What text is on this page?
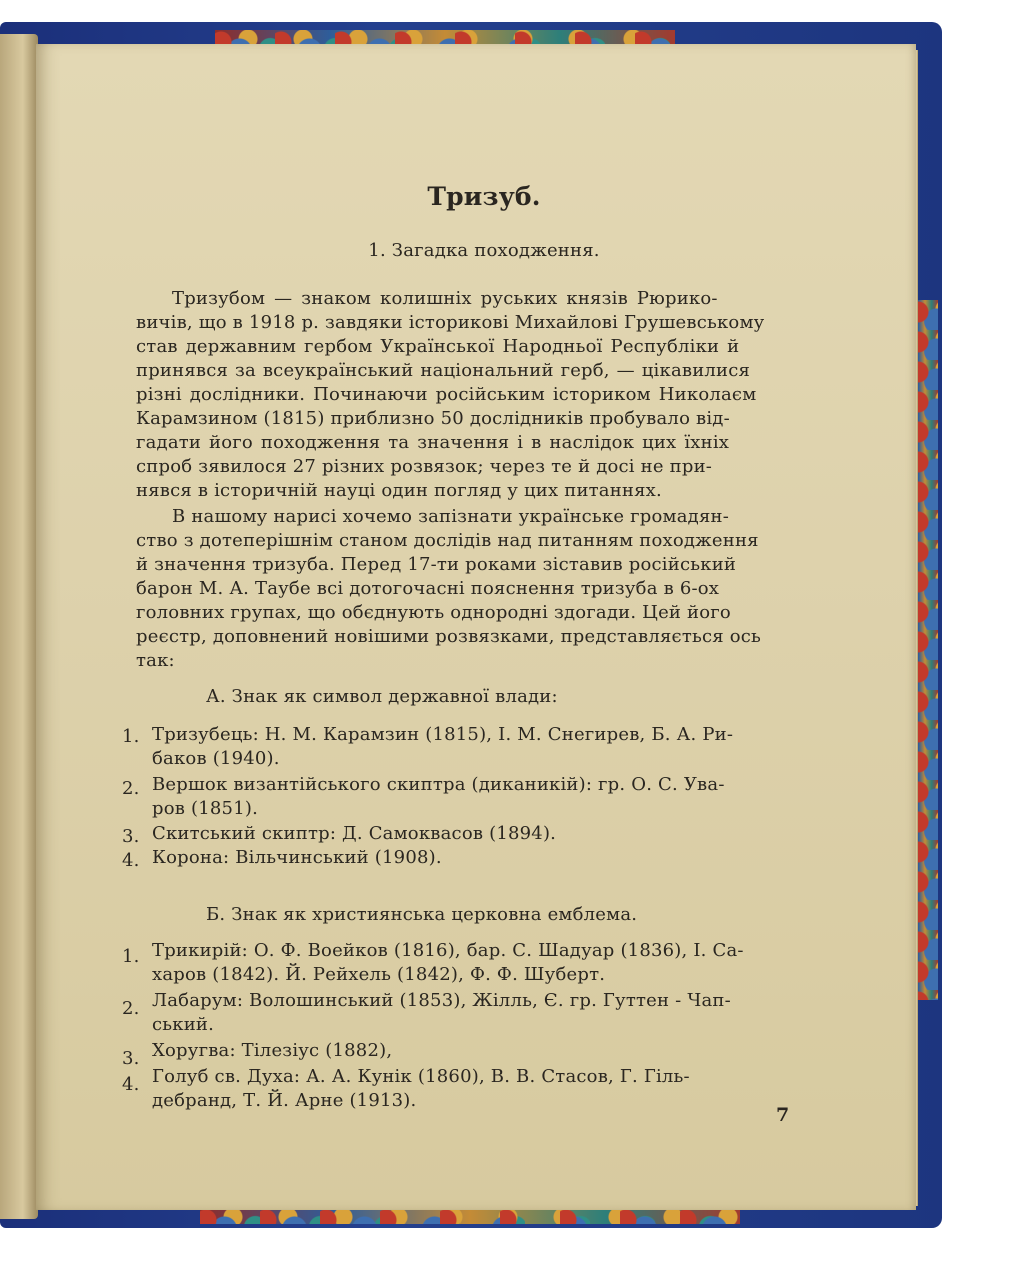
Тризуб.
1. Загадка походження.
Тризубом — знаком колишніх руських князів Рюрико-
вичів, що в 1918 р. завдяки історикові Михайлові Грушевському
став державним гербом Української Народньої Республіки й
принявся за всеукраїнський національний герб, — цікавилися
різні дослідники. Починаючи російським істориком Николаєм
Карамзином (1815) приблизно 50 дослідників пробувало від-
гадати його походження та значення і в наслідок цих їхніх
спроб зявилося 27 різних розвязок; через те й досі не при-
нявся в історичній науці один погляд у цих питаннях.
В нашому нарисі хочемо запізнати українське громадян-
ство з дотеперішнім станом дослідів над питанням походження
й значення тризуба. Перед 17-ти роками зіставив російський
барон М. А. Таубе всі дотогочасні пояснення тризуба в 6-ох
головних групах, що обєднують однородні здогади. Цей його
реєстр, доповнений новішими розвязками, представляється ось
так:
А. Знак як символ державної влади:
1. Тризубець: Н. М. Карамзин (1815), І. М. Снегирев, Б. А. Ри-
баков (1940).
2. Вершок византійського скиптра (диканикій): гр. О. С. Ува-
ров (1851).
3. Скитський скиптр: Д. Самоквасов (1894).
4. Корона: Вільчинський (1908).
Б. Знак як християнська церковна емблема.
1. Трикирій: О. Ф. Воейков (1816), бар. С. Шадуар (1836), І. Са-
харов (1842). Й. Рейхель (1842), Ф. Ф. Шуберт.
2. Лабарум: Волошинський (1853), Жілль, Є. гр. Гуттен - Чап-
ський.
3. Хоругва: Тілезіус (1882),
4. Голуб св. Духа: А. А. Кунік (1860), В. В. Стасов, Г. Гіль-
дебранд, Т. Й. Арне (1913).
7
